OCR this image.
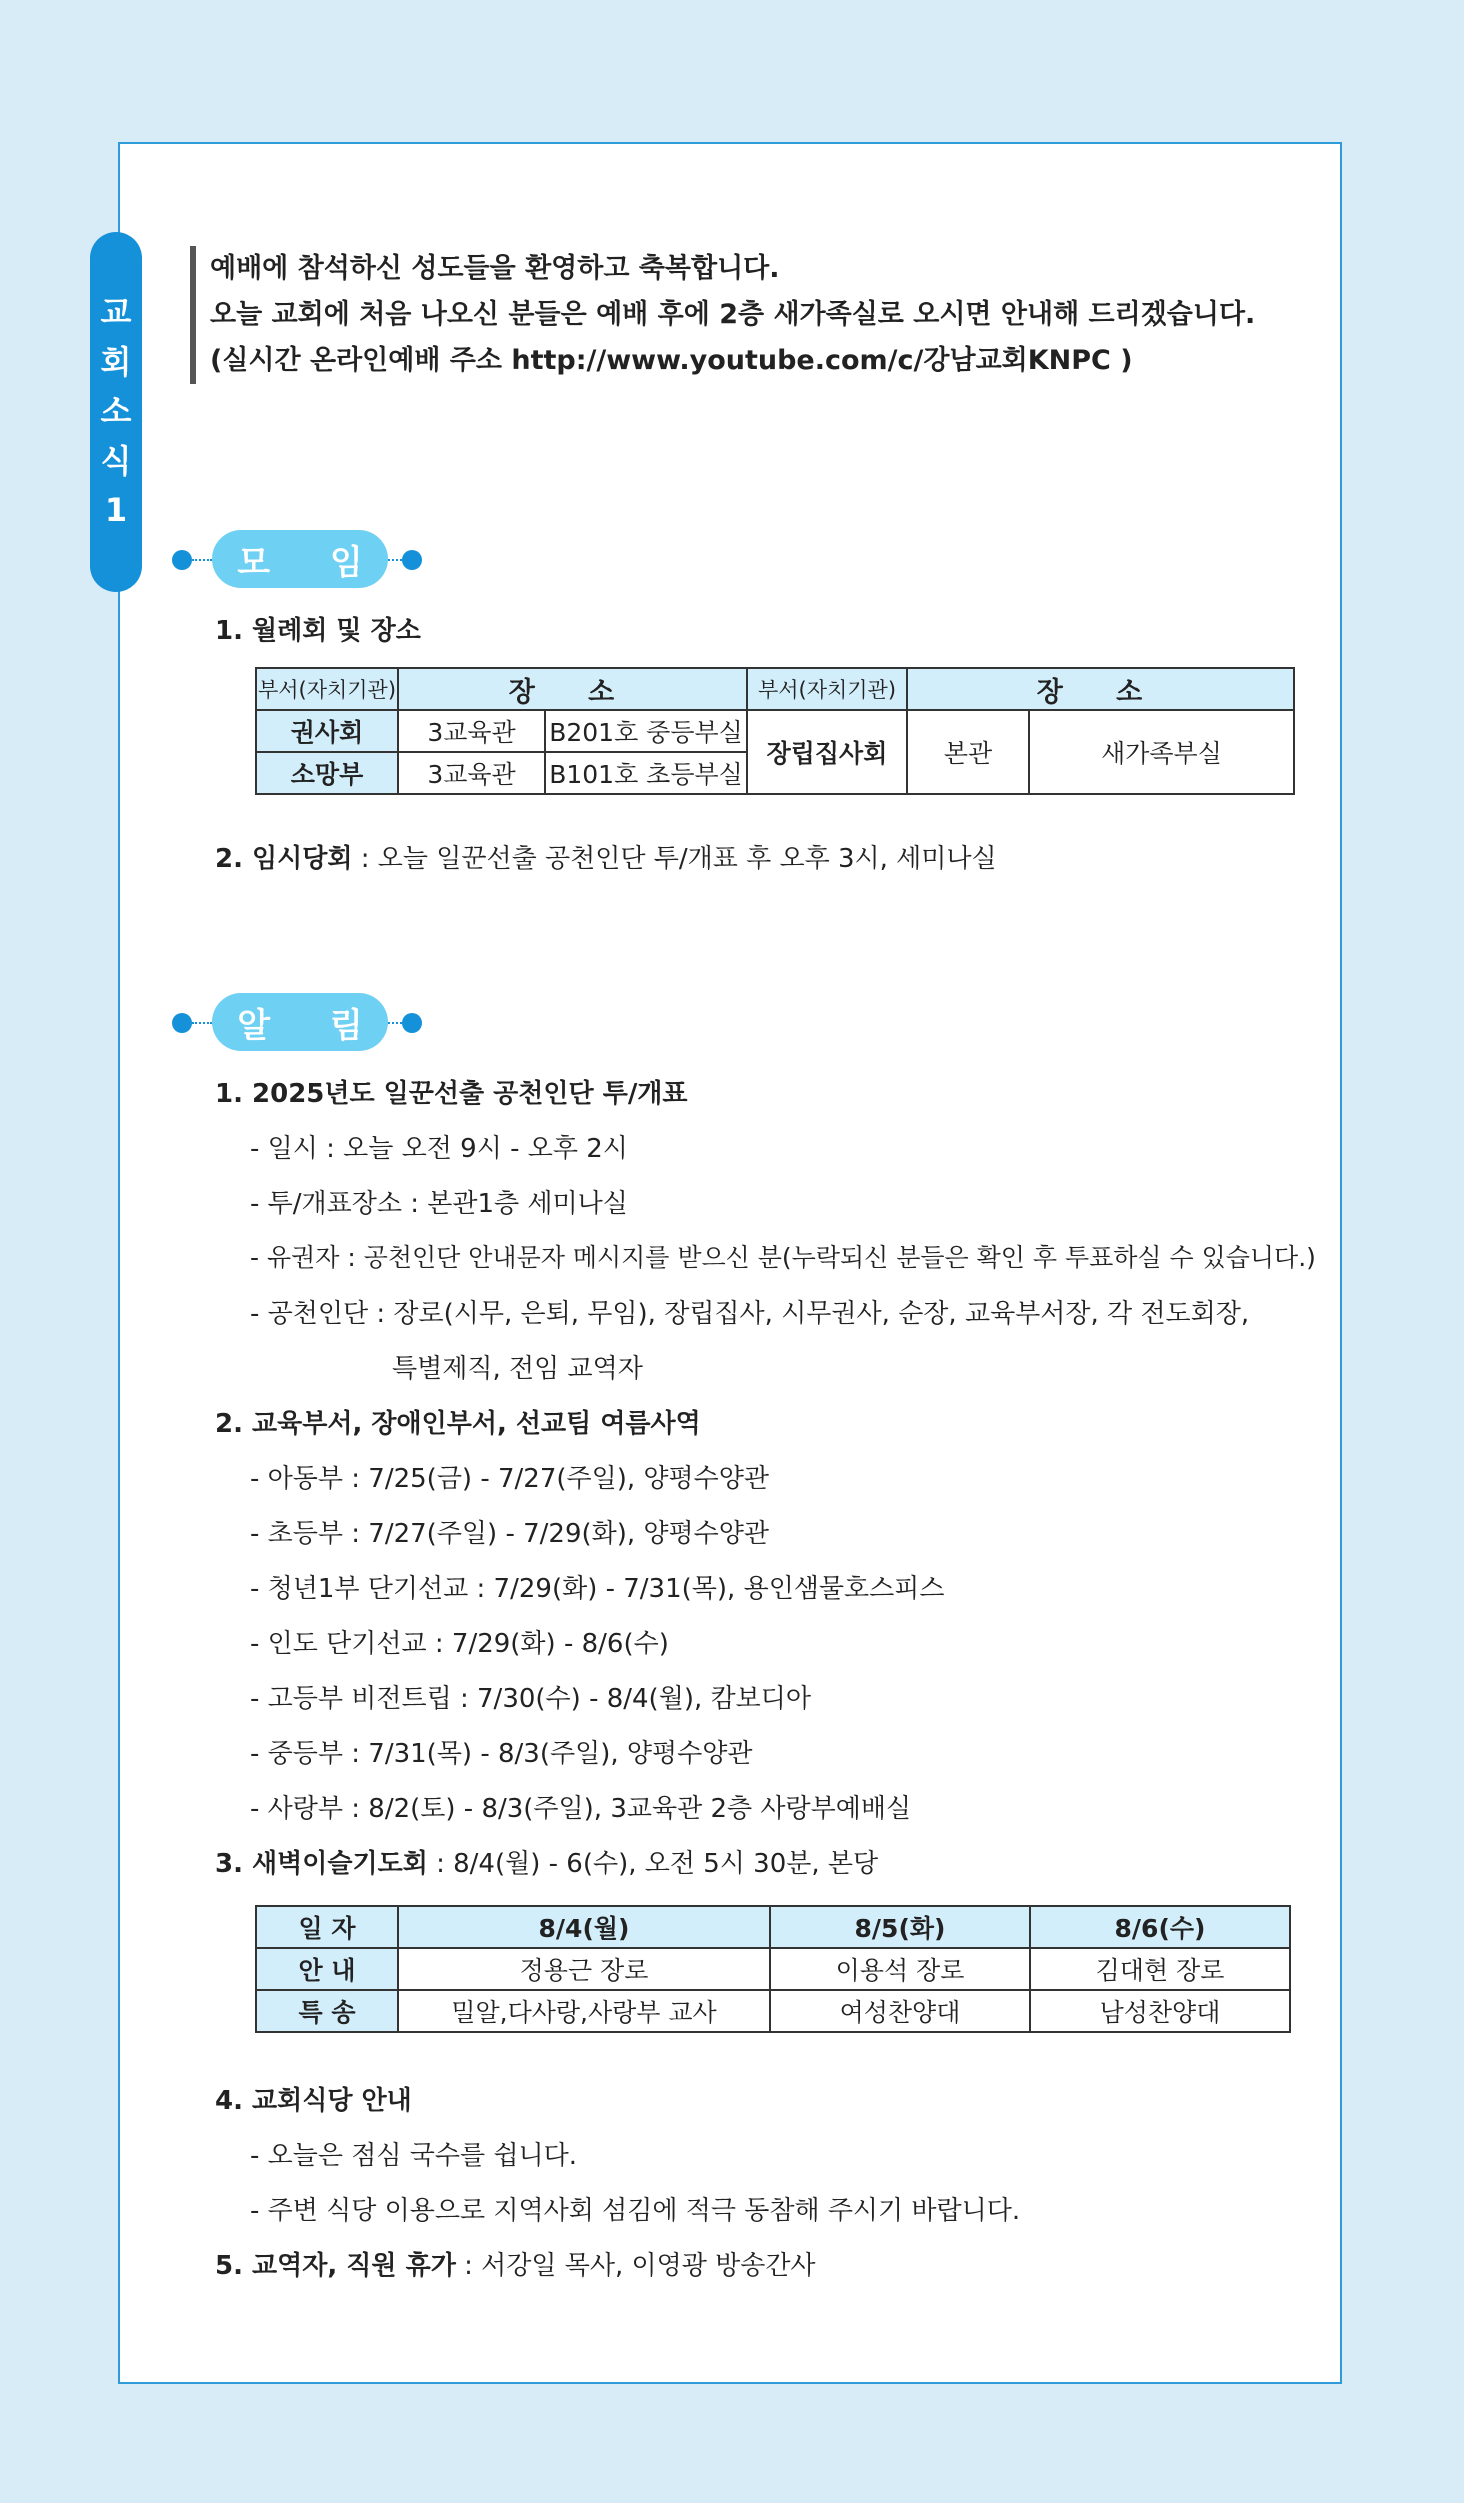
교
회
소
식
1
예배에 참석하신 성도들을 환영하고 축복합니다.
오늘 교회에 처음 나오신 분들은 예배 후에 2층 새가족실로 오시면 안내해 드리겠습니다.
(실시간 온라인예배 주소 http://www.youtube.com/c/강남교회KNPC )
모 임
1. 월례회 및 장소
부서(자치기관)	장 소		부서(자치기관)	장 소	
권사회	3교육관	B201호 중등부실	장립집사회	본관	새가족부실
소망부	3교육관	B101호 초등부실			
2. 임시당회 : 오늘 일꾼선출 공천인단 투/개표 후 오후 3시, 세미나실
알 림
1. 2025년도 일꾼선출 공천인단 투/개표
- 일시 : 오늘 오전 9시 - 오후 2시
- 투/개표장소 : 본관1층 세미나실
- 유권자 : 공천인단 안내문자 메시지를 받으신 분(누락되신 분들은 확인 후 투표하실 수 있습니다.)
- 공천인단 : 장로(시무, 은퇴, 무임), 장립집사, 시무권사, 순장, 교육부서장, 각 전도회장,
특별제직, 전임 교역자
2. 교육부서, 장애인부서, 선교팀 여름사역
- 아동부 : 7/25(금) - 7/27(주일), 양평수양관
- 초등부 : 7/27(주일) - 7/29(화), 양평수양관
- 청년1부 단기선교 : 7/29(화) - 7/31(목), 용인샘물호스피스
- 인도 단기선교 : 7/29(화) - 8/6(수)
- 고등부 비전트립 : 7/30(수) - 8/4(월), 캄보디아
- 중등부 : 7/31(목) - 8/3(주일), 양평수양관
- 사랑부 : 8/2(토) - 8/3(주일), 3교육관 2층 사랑부예배실
3. 새벽이슬기도회 : 8/4(월) - 6(수), 오전 5시 30분, 본당
일 자	8/4(월)	8/5(화)	8/6(수)
안 내	정용근 장로	이용석 장로	김대현 장로
특 송	밀알,다사랑,사랑부 교사	여성찬양대	남성찬양대
4. 교회식당 안내
- 오늘은 점심 국수를 쉽니다.
- 주변 식당 이용으로 지역사회 섬김에 적극 동참해 주시기 바랍니다.
5. 교역자, 직원 휴가 : 서강일 목사, 이영광 방송간사
